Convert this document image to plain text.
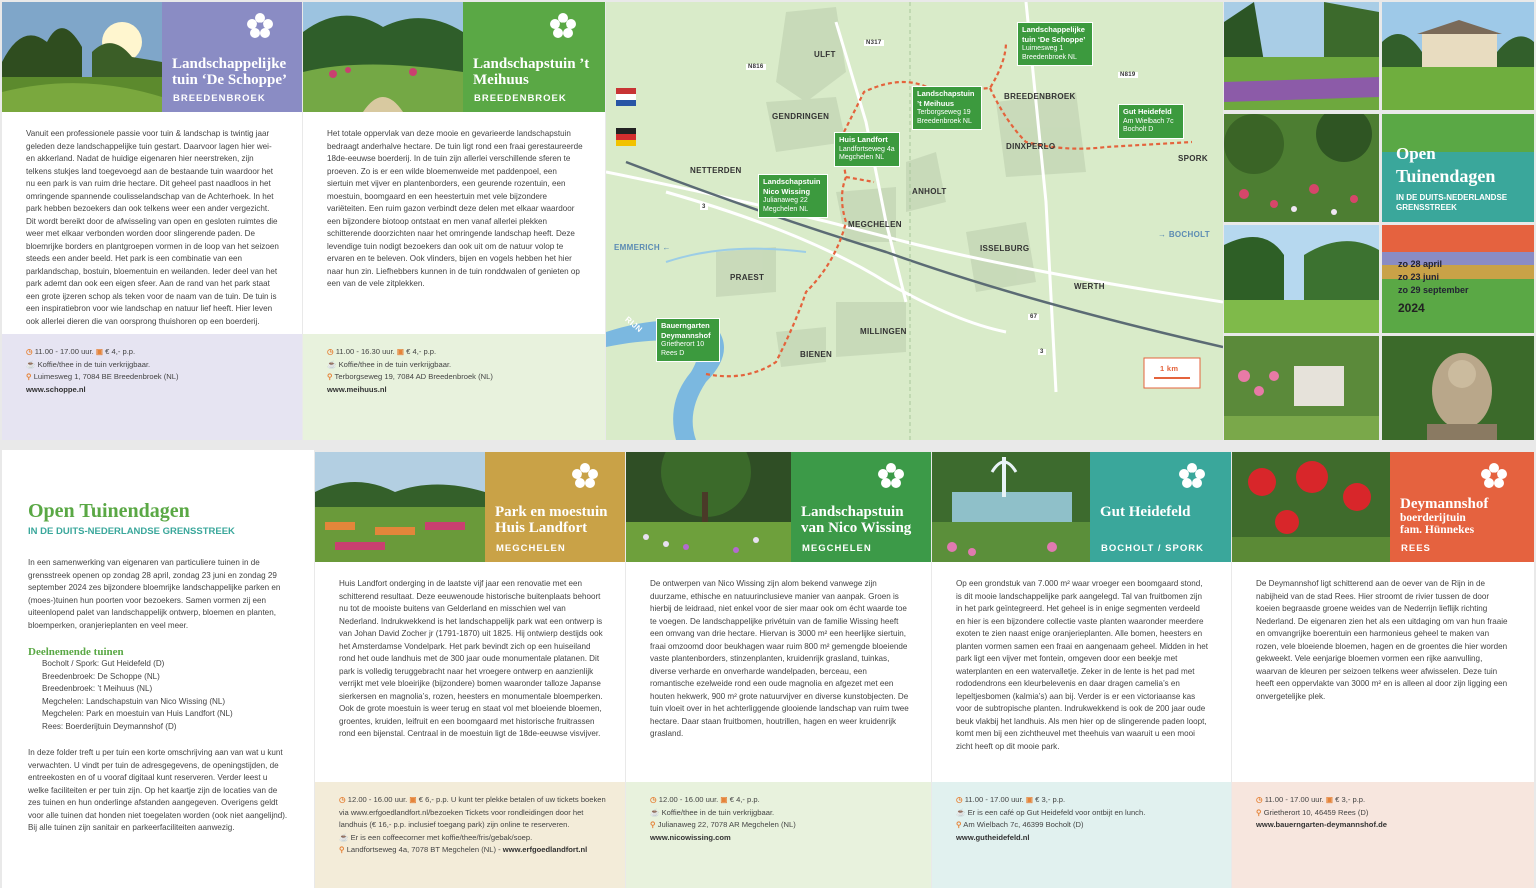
Landschappelijke tuin ‘De Schoppe’
BREEDENBROEK
Vanuit een professionele passie voor tuin & landschap is twintig jaar geleden deze landschappelijke tuin gestart. Daarvoor lagen hier wei- en akkerland. Nadat de huidige eigenaren hier neerstreken, zijn telkens stukjes land toegevoegd aan de bestaande tuin waardoor het nu een park is van ruim drie hectare. Dit geheel past naadloos in het omringende spannende coulisselandschap van de Achterhoek. In het park hebben bezoekers dan ook telkens weer een ander vergezicht. Dit wordt bereikt door de afwisseling van open en gesloten ruimtes die weer met elkaar verbonden worden door slingerende paden. De bloemrijke borders en plantgroepen vormen in de loop van het seizoen steeds een ander beeld. Het park is een combinatie van een parklandschap, bostuin, bloementuin en weilanden. Ieder deel van het park ademt dan ook een eigen sfeer. Aan de rand van het park staat een grote ijzeren schop als teken voor de naam van de tuin. De tuin is een inspiratiebron voor wie landschap en natuur lief heeft. Hier leven ook allerlei dieren die van oorsprong thuishoren op een boerderij.
◷ 11.00 - 17.00 uur. ▣ € 4,- p.p.
☕ Koffie/thee in de tuin verkrijgbaar.
⚲ Luimesweg 1, 7084 BE Breedenbroek (NL)
www.schoppe.nl
Landschapstuin ’t Meihuus
BREEDENBROEK
Het totale oppervlak van deze mooie en gevarieerde landschapstuin bedraagt anderhalve hectare. De tuin ligt rond een fraai gerestaureerde 18de-eeuwse boerderij. In de tuin zijn allerlei verschillende sferen te proeven. Zo is er een wilde bloemenweide met paddenpoel, een siertuin met vijver en plantenborders, een geurende rozentuin, een moestuin, boomgaard en een heestertuin met vele bijzondere variëteiten. Een ruim gazon verbindt deze delen met elkaar waardoor een bijzondere biotoop ontstaat en men vanaf allerlei plekken schitterende doorzichten naar het omringende landschap heeft. Deze levendige tuin nodigt bezoekers dan ook uit om de natuur volop te ervaren en te beleven. Ook vlinders, bijen en vogels hebben het hier naar hun zin. Liefhebbers kunnen in de tuin ronddwalen of genieten op een van de vele zitplekken.
◷ 11.00 - 16.30 uur. ▣ € 4,- p.p.
☕ Koffie/thee in de tuin verkrijgbaar.
⚲ Terborgseweg 19, 7084 AD Breedenbroek (NL)
www.meihuus.nl
ULFT
GENDRINGEN
NETTERDEN
BREEDENBROEK
DINXPERLO
SPORK
ANHOLT
MEGCHELEN
ISSELBURG
PRAEST
WERTH
MILLINGEN
BIENEN
EMMERICH ←
→ BOCHOLT
RIJN
1 km
N317
N816
N819
3
67
3
Landschappelijke tuin ‘De Schoppe’
Luimesweg 1
Breedenbroek NL
Landschapstuin ’t Meihuus
Terborgseweg 19
Breedenbroek NL
Gut Heidefeld
Am Wielbach 7c
Bocholt D
Huis Landfort
Landfortseweg 4a
Megchelen NL
Landschapstuin Nico Wissing
Julianaweg 22
Megchelen NL
Bauerngarten Deymannshof
Grietherort 10
Rees D
Open
Tuinendagen
IN DE DUITS-NEDERLANDSE
GRENSSTREEK
zo 28 april
zo 23 juni
zo 29 september
2024
Open Tuinendagen
IN DE DUITS-NEDERLANDSE GRENSSTREEK
In een samenwerking van eigenaren van particuliere tuinen in de grensstreek openen op zondag 28 april, zondag 23 juni en zondag 29 september 2024 zes bijzondere bloemrijke landschappelijke parken en (moes-)tuinen hun poorten voor bezoekers. Samen vormen zij een uiteenlopend palet van landschappelijk ontwerp, bloemen en planten, bloemperken, oranjerieplanten en veel meer.
Deelnemende tuinen
Bocholt / Spork: Gut Heidefeld (D)
Breedenbroek: De Schoppe (NL)
Breedenbroek: ’t Meihuus (NL)
Megchelen: Landschapstuin van Nico Wissing (NL)
Megchelen: Park en moestuin van Huis Landfort (NL)
Rees: Boerderijtuin Deymannshof (D)
In deze folder treft u per tuin een korte omschrijving aan van wat u kunt verwachten. U vindt per tuin de adresgegevens, de openingstijden, de entreekosten en of u vooraf digitaal kunt reserveren. Verder leest u welke faciliteiten er per tuin zijn. Op het kaartje zijn de locaties van de zes tuinen en hun onderlinge afstanden aangegeven. Overigens geldt voor alle tuinen dat honden niet toegelaten worden (ook niet aangelijnd). Bij alle tuinen zijn sanitair en parkeerfaciliteiten aanwezig.
Park en moestuin Huis Landfort
MEGCHELEN
Huis Landfort onderging in de laatste vijf jaar een renovatie met een schitterend resultaat. Deze eeuwenoude historische buitenplaats behoort nu tot de mooiste buitens van Gelderland en misschien wel van Nederland. Indrukwekkend is het landschappelijk park wat een ontwerp is van Johan David Zocher jr (1791-1870) uit 1825. Hij ontwierp destijds ook het Amsterdamse Vondelpark. Het park bevindt zich op een huiseiland rond het oude landhuis met de 300 jaar oude monumentale platanen. Dit park is volledig teruggebracht naar het vroegere ontwerp en aanzienlijk verrijkt met vele bloeirijke (bijzondere) bomen waaronder talloze Japanse sierkersen en magnolia’s, rozen, heesters en monumentale bloemperken. Ook de grote moestuin is weer terug en staat vol met bloeiende bloemen, groentes, kruiden, leifruit en een boomgaard met historische fruitrassen rond een bijenstal. Centraal in de moestuin ligt de 18de-eeuwse visvijver.
◷ 12.00 - 16.00 uur. ▣ € 6,- p.p. U kunt ter plekke betalen of uw tickets boeken via www.erfgoedlandfort.nl/bezoeken Tickets voor rondleidingen door het landhuis (€ 16,- p.p. inclusief toegang park) zijn online te reserveren.
☕ Er is een coffeecorner met koffie/thee/fris/gebak/soep.
⚲ Landfortseweg 4a, 7078 BT Megchelen (NL) - www.erfgoedlandfort.nl
Landschapstuin van Nico Wissing
MEGCHELEN
De ontwerpen van Nico Wissing zijn alom bekend vanwege zijn duurzame, ethische en natuurinclusieve manier van aanpak. Groen is hierbij de leidraad, niet enkel voor de sier maar ook om écht waarde toe te voegen. De landschappelijke privétuin van de familie Wissing heeft een omvang van drie hectare. Hiervan is 3000 m² een heerlijke siertuin, fraai omzoomd door beukhagen waar ruim 800 m² gemengde bloeiende vaste plantenborders, stinzenplanten, kruidenrijk grasland, tuinkas, diverse verharde en onverharde wandelpaden, berceau, een romantische ezelweide rond een oude magnolia en afgezet met een houten hekwerk, 900 m² grote natuurvijver en diverse kunstobjecten. De tuin vloeit over in het achterliggende glooiende landschap van ruim twee hectare. Daar staan fruitbomen, houtrillen, hagen en weer kruidenrijk grasland.
◷ 12.00 - 16.00 uur. ▣ € 4,- p.p.
☕ Koffie/thee in de tuin verkrijgbaar.
⚲ Julianaweg 22, 7078 AR Megchelen (NL)
www.nicowissing.com
Gut Heidefeld
BOCHOLT / SPORK
Op een grondstuk van 7.000 m² waar vroeger een boomgaard stond, is dit mooie landschappelijke park aangelegd. Tal van fruitbomen zijn in het park geïntegreerd. Het geheel is in enige segmenten verdeeld en hier is een bijzondere collectie vaste planten waaronder meerdere exoten te zien naast enige oranjerieplanten. Alle bomen, heesters en planten vormen samen een fraai en aangenaam geheel. Midden in het park ligt een vijver met fontein, omgeven door een beekje met waterplanten en een watervalletje. Zeker in de lente is het pad met rododendrons een kleurbelevenis en daar dragen camelia’s en lepeltjesbomen (kalmia’s) aan bij. Verder is er een victoriaanse kas voor de subtropische planten. Indrukwekkend is ook de 200 jaar oude beuk vlakbij het landhuis. Als men hier op de slingerende paden loopt, komt men bij een zichtheuvel met theehuis van waaruit u een mooi zicht heeft op dit mooie park.
◷ 11.00 - 17.00 uur. ▣ € 3,- p.p.
☕ Er is een café op Gut Heidefeld voor ontbijt en lunch.
⚲ Am Wielbach 7c, 46399 Bocholt (D)
www.gutheidefeld.nl
Deymannshof
boerderijtuin
fam. Hünnekes
REES
De Deymannshof ligt schitterend aan de oever van de Rijn in de nabijheid van de stad Rees. Hier stroomt de rivier tussen de door koeien begraasde groene weides van de Nederrijn lieflijk richting Nederland. De eigenaren zien het als een uitdaging om van hun fraaie en omvangrijke boerentuin een harmonieus geheel te maken van rozen, vele bloeiende bloemen, hagen en de groentes die hier worden gekweekt. Vele eenjarige bloemen vormen een rijke aanvulling, waarvan de kleuren per seizoen telkens weer afwisselen. Deze tuin heeft een oppervlakte van 3000 m² en is alleen al door zijn ligging een onvergetelijke plek.
◷ 11.00 - 17.00 uur. ▣ € 3,- p.p.
⚲ Grietherort 10, 46459 Rees (D)
www.bauerngarten-deymannshof.de
